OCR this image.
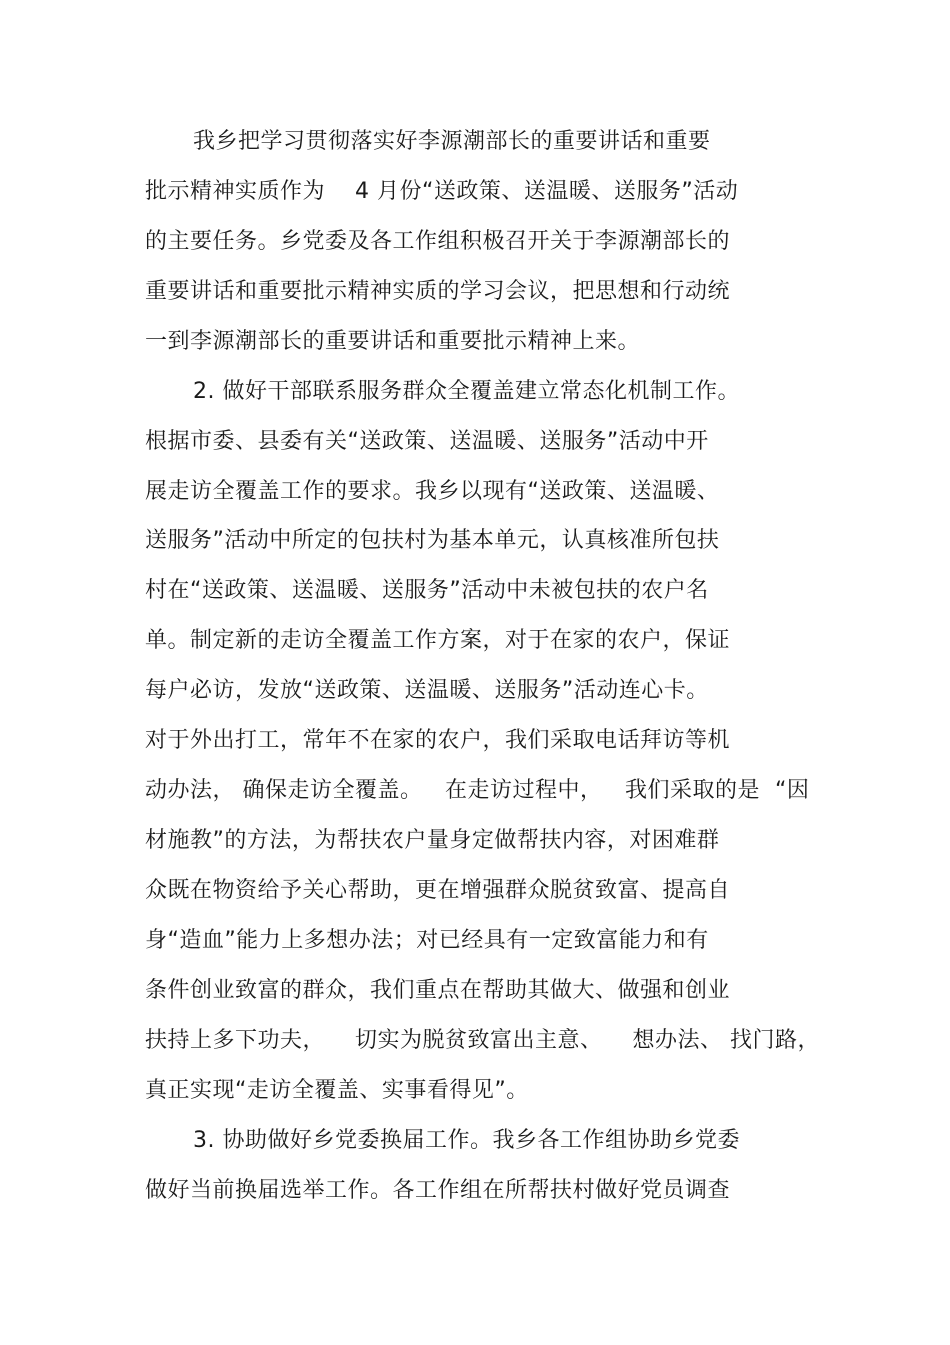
我乡把学习贯彻落实好李源潮部长的重要讲话和重要
批示精神实质作为    4 月份“送政策、送温暖、送服务”活动
的主要任务。乡党委及各工作组积极召开关于李源潮部长的
重要讲话和重要批示精神实质的学习会议，把思想和行动统
一到李源潮部长的重要讲话和重要批示精神上来。
2. 做好干部联系服务群众全覆盖建立常态化机制工作。
根据市委、县委有关“送政策、送温暖、送服务”活动中开
展走访全覆盖工作的要求。我乡以现有“送政策、送温暖、
送服务”活动中所定的包扶村为基本单元，认真核准所包扶
村在“送政策、送温暖、送服务”活动中未被包扶的农户名
单。制定新的走访全覆盖工作方案，对于在家的农户，保证
每户必访，发放“送政策、送温暖、送服务”活动连心卡。
对于外出打工，常年不在家的农户，我们采取电话拜访等机
动办法， 确保走访全覆盖。   在走访过程中，   我们采取的是  “因
材施教”的方法，为帮扶农户量身定做帮扶内容，对困难群
众既在物资给予关心帮助，更在增强群众脱贫致富、提高自
身“造血”能力上多想办法；对已经具有一定致富能力和有
条件创业致富的群众，我们重点在帮助其做大、做强和创业
扶持上多下功夫，    切实为脱贫致富出主意、    想办法、 找门路，
真正实现“走访全覆盖、实事看得见”。
3. 协助做好乡党委换届工作。我乡各工作组协助乡党委
做好当前换届选举工作。各工作组在所帮扶村做好党员调查
